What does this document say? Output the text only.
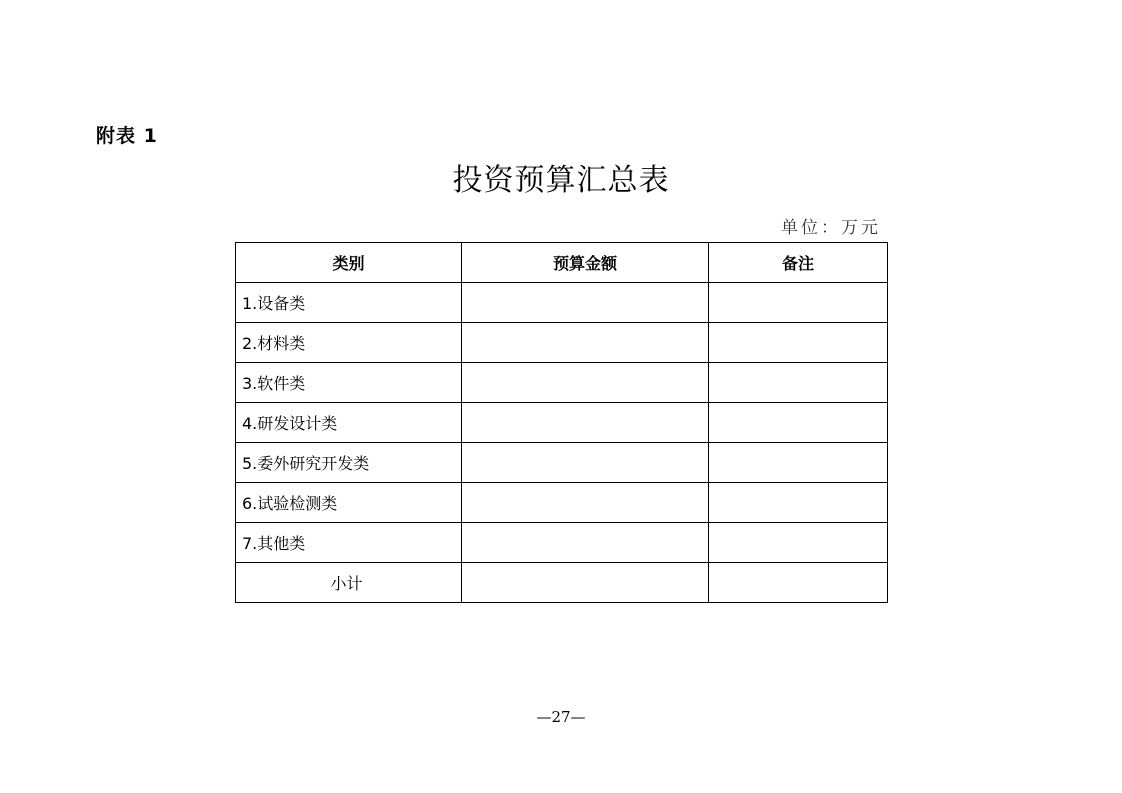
附表 1
投资预算汇总表
单位：万元
类别	预算金额	备注
1.设备类		
2.材料类		
3.软件类		
4.研发设计类		
5.委外研究开发类		
6.试验检测类		
7.其他类		
小计		
—27—
